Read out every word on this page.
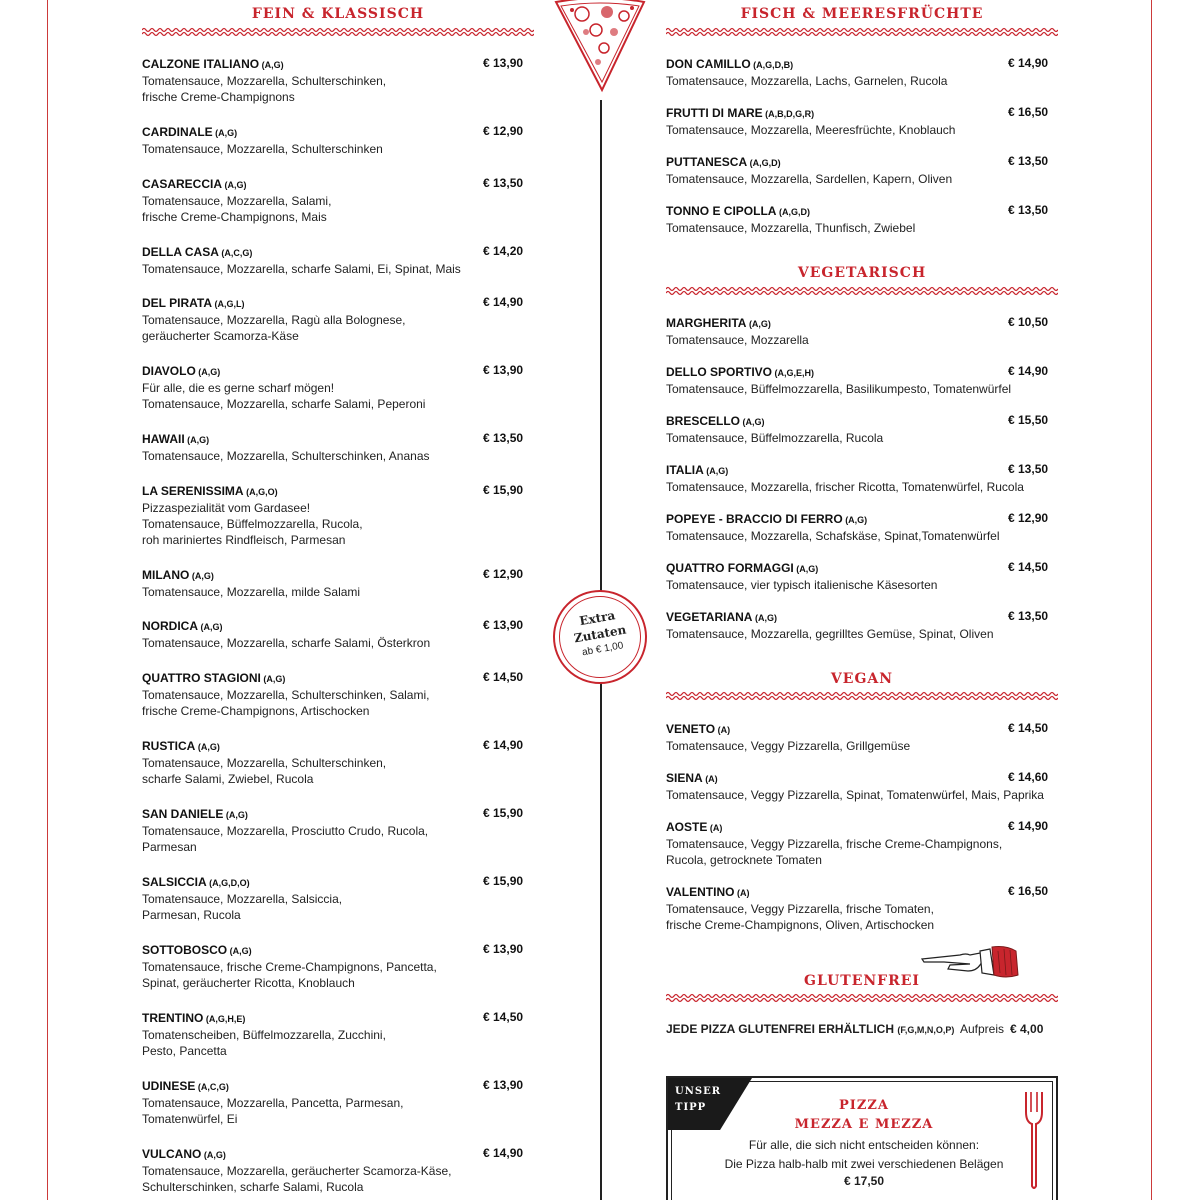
FEIN & KLASSISCH
CALZONE ITALIANO (A,G)
Tomatensauce, Mozzarella, Schulterschinken,
frische Creme-Champignons
€ 13,90
CARDINALE (A,G)
Tomatensauce, Mozzarella, Schulterschinken
€ 12,90
CASARECCIA (A,G)
Tomatensauce, Mozzarella, Salami,
frische Creme-Champignons, Mais
€ 13,50
DELLA CASA (A,C,G)
Tomatensauce, Mozzarella, scharfe Salami, Ei, Spinat, Mais
€ 14,20
DEL PIRATA (A,G,L)
Tomatensauce, Mozzarella, Ragù alla Bolognese,
geräucherter Scamorza-Käse
€ 14,90
DIAVOLO (A,G)
Für alle, die es gerne scharf mögen!
Tomatensauce, Mozzarella, scharfe Salami, Peperoni
€ 13,90
HAWAII (A,G)
Tomatensauce, Mozzarella, Schulterschinken, Ananas
€ 13,50
LA SERENISSIMA (A,G,O)
Pizzaspezialität vom Gardasee!
Tomatensauce, Büffelmozzarella, Rucola,
roh mariniertes Rindfleisch, Parmesan
€ 15,90
MILANO (A,G)
Tomatensauce, Mozzarella, milde Salami
€ 12,90
NORDICA (A,G)
Tomatensauce, Mozzarella, scharfe Salami, Österkron
€ 13,90
QUATTRO STAGIONI (A,G)
Tomatensauce, Mozzarella, Schulterschinken, Salami,
frische Creme-Champignons, Artischocken
€ 14,50
RUSTICA (A,G)
Tomatensauce, Mozzarella, Schulterschinken,
scharfe Salami, Zwiebel, Rucola
€ 14,90
SAN DANIELE (A,G)
Tomatensauce, Mozzarella, Prosciutto Crudo, Rucola,
Parmesan
€ 15,90
SALSICCIA (A,G,D,O)
Tomatensauce, Mozzarella, Salsiccia,
Parmesan, Rucola
€ 15,90
SOTTOBOSCO (A,G)
Tomatensauce, frische Creme-Champignons, Pancetta,
Spinat, geräucherter Ricotta, Knoblauch
€ 13,90
TRENTINO (A,G,H,E)
Tomatenscheiben, Büffelmozzarella, Zucchini,
Pesto, Pancetta
€ 14,50
UDINESE (A,C,G)
Tomatensauce, Mozzarella, Pancetta, Parmesan,
Tomatenwürfel, Ei
€ 13,90
VULCANO (A,G)
Tomatensauce, Mozzarella, geräucherter Scamorza-Käse,
Schulterschinken, scharfe Salami, Rucola
€ 14,90
FISCH & MEERESFRÜCHTE
VEGETARISCH
VEGAN
GLUTENFREI
DON CAMILLO (A,G,D,B)
Tomatensauce, Mozzarella, Lachs, Garnelen, Rucola
€ 14,90
FRUTTI DI MARE (A,B,D,G,R)
Tomatensauce, Mozzarella, Meeresfrüchte, Knoblauch
€ 16,50
PUTTANESCA (A,G,D)
Tomatensauce, Mozzarella, Sardellen, Kapern, Oliven
€ 13,50
TONNO E CIPOLLA (A,G,D)
Tomatensauce, Mozzarella, Thunfisch, Zwiebel
€ 13,50
MARGHERITA (A,G)
Tomatensauce, Mozzarella
€ 10,50
DELLO SPORTIVO (A,G,E,H)
Tomatensauce, Büffelmozzarella, Basilikumpesto, Tomatenwürfel
€ 14,90
BRESCELLO (A,G)
Tomatensauce, Büffelmozzarella, Rucola
€ 15,50
ITALIA (A,G)
Tomatensauce, Mozzarella, frischer Ricotta, Tomatenwürfel, Rucola
€ 13,50
POPEYE - BRACCIO DI FERRO (A,G)
Tomatensauce, Mozzarella, Schafskäse, Spinat,Tomatenwürfel
€ 12,90
QUATTRO FORMAGGI (A,G)
Tomatensauce, vier typisch italienische Käsesorten
€ 14,50
VEGETARIANA (A,G)
Tomatensauce, Mozzarella, gegrilltes Gemüse, Spinat, Oliven
€ 13,50
VENETO (A)
Tomatensauce, Veggy Pizzarella, Grillgemüse
€ 14,50
SIENA (A)
Tomatensauce, Veggy Pizzarella, Spinat, Tomatenwürfel, Mais, Paprika
€ 14,60
AOSTE (A)
Tomatensauce, Veggy Pizzarella, frische Creme-Champignons,
Rucola, getrocknete Tomaten
€ 14,90
VALENTINO (A)
Tomatensauce, Veggy Pizzarella, frische Tomaten,
frische Creme-Champignons, Oliven, Artischocken
€ 16,50
JEDE PIZZA GLUTENFREI ERHÄLTLICH (F,G,M,N,O,P) Aufpreis € 4,00
Extra
Zutaten
ab € 1,00
UNSER
TIPP	PIZZA
MEZZA E MEZZA
Für alle, die sich nicht entscheiden können:
Die Pizza halb-halb mit zwei verschiedenen Belägen
€ 17,50
